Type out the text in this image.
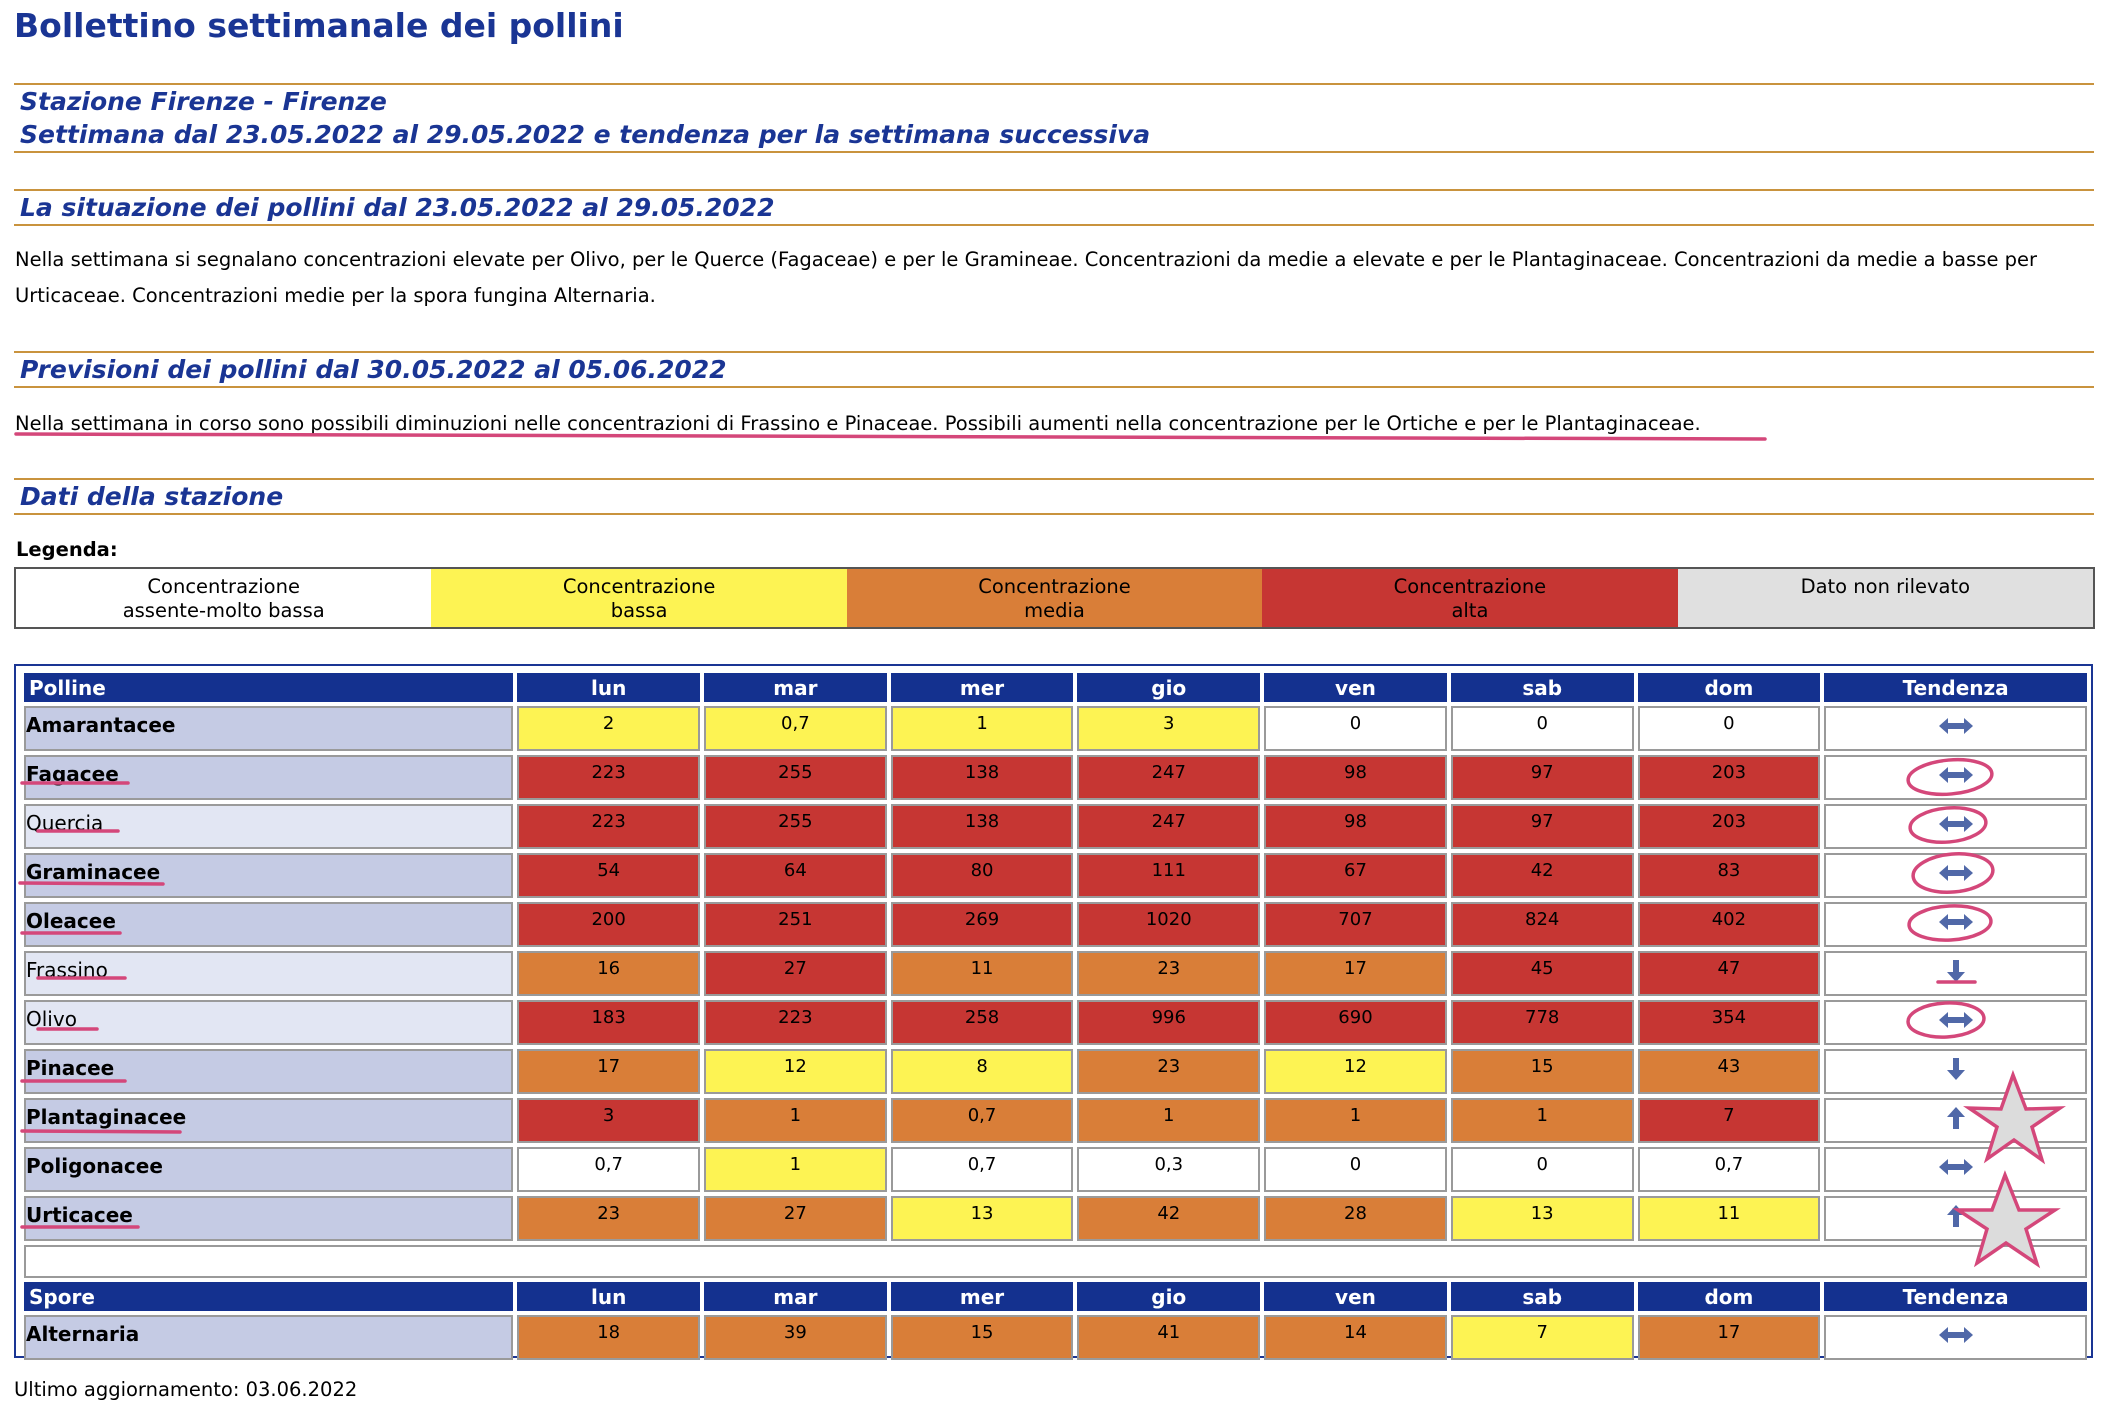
Bollettino settimanale dei pollini
Stazione Firenze - Firenze
Settimana dal 23.05.2022 al 29.05.2022 e tendenza per la settimana successiva
La situazione dei pollini dal 23.05.2022 al 29.05.2022
Nella settimana si segnalano concentrazioni elevate per Olivo, per le Querce (Fagaceae) e per le Gramineae. Concentrazioni da medie a elevate e per le Plantaginaceae. Concentrazioni da medie a basse per Urticaceae. Concentrazioni medie per la spora fungina Alternaria.
Previsioni dei pollini dal 30.05.2022 al 05.06.2022
Nella settimana in corso sono possibili diminuzioni nelle concentrazioni di Frassino e Pinaceae. Possibili aumenti nella concentrazione per le Ortiche e per le Plantaginaceae.
Dati della stazione
Legenda:
Concentrazione
assente-molto bassa
Concentrazione
bassa
Concentrazione
media
Concentrazione
alta
Dato non rilevato
Polline	lun	mar	mer	gio	ven	sab	dom	Tendenza
Amarantacee	2	0,7	1	3	0	0	0	
Fagacee	223	255	138	247	98	97	203	
Quercia	223	255	138	247	98	97	203	
Graminacee	54	64	80	111	67	42	83	
Oleacee	200	251	269	1020	707	824	402	
Frassino	16	27	11	23	17	45	47	
Olivo	183	223	258	996	690	778	354	
Pinacee	17	12	8	23	12	15	43	
Plantaginacee	3	1	0,7	1	1	1	7	
Poligonacee	0,7	1	0,7	0,3	0	0	0,7	
Urticacee	23	27	13	42	28	13	11	

Spore	lun	mar	mer	gio	ven	sab	dom	Tendenza
Alternaria	18	39	15	41	14	7	17	
Ultimo aggiornamento: 03.06.2022
